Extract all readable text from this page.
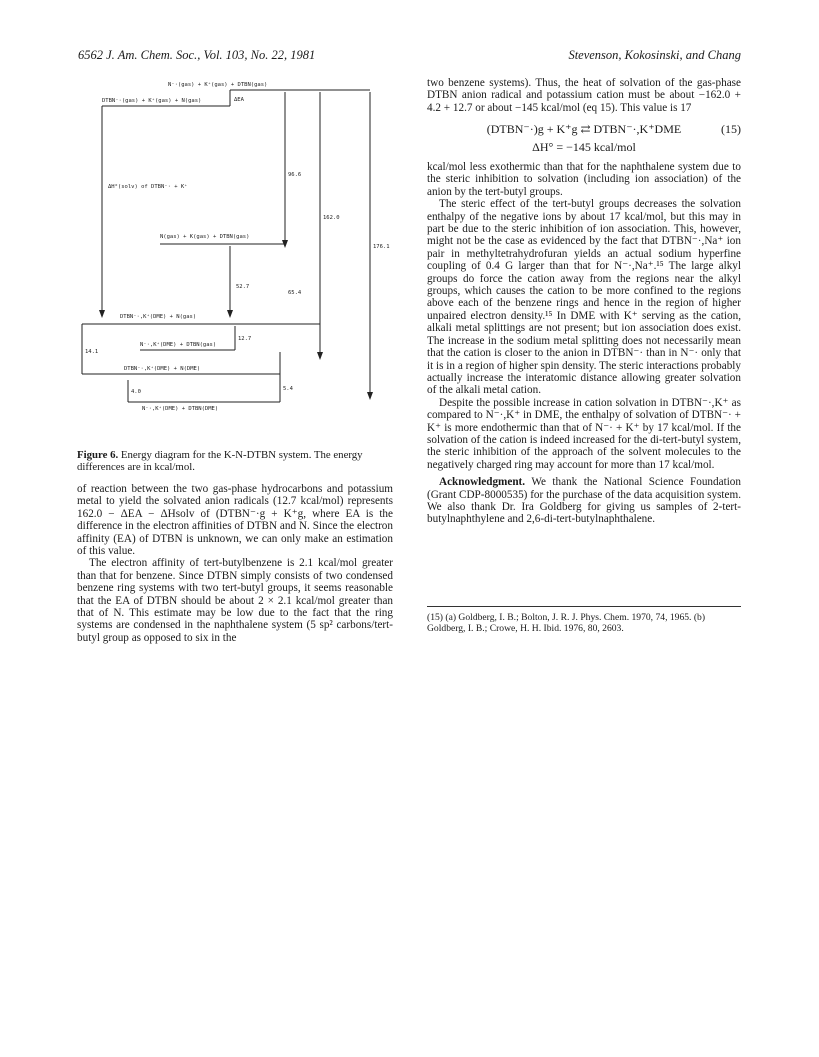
6562 J. Am. Chem. Soc., Vol. 103, No. 22, 1981	Stevenson, Kokosinski, and Chang
N⁻·(gas) + K⁺(gas) + DTBN(gas)
DTBN⁻·(gas) + K⁺(gas) + N(gas)	ΔEA
ΔH°(solv) of DTBN⁻· + K⁺
96.6
162.0
176.1
N(gas) + K(gas) + DTBN(gas)
52.7
65.4
DTBN⁻·,K⁺(DME) + N(gas)
12.7
N⁻·,K⁺(DME) + DTBN(gas)
14.1
DTBN⁻·,K⁺(DME) + N(DME)
5.4
4.0
N⁻·,K⁺(DME) + DTBN(DME)
Figure 6. Energy diagram for the K-N-DTBN system. The energy differences are in kcal/mol.

of reaction between the two gas-phase hydrocarbons and potassium metal to yield the solvated anion radicals (12.7 kcal/mol) represents 162.0 − ΔEA − ΔHsolv of (DTBN⁻·g + K⁺g, where EA is the difference in the electron affinities of DTBN and N. Since the electron affinity (EA) of DTBN is unknown, we can only make an estimation of this value.

The electron affinity of tert-butylbenzene is 2.1 kcal/mol greater than that for benzene. Since DTBN simply consists of two condensed benzene ring systems with two tert-butyl groups, it seems reasonable that the EA of DTBN should be about 2 × 2.1 kcal/mol greater than that of N. This estimate may be low due to the fact that the ring systems are condensed in the naphthalene system (5 sp² carbons/tert-butyl group as opposed to six in the

two benzene systems). Thus, the heat of solvation of the gas-phase DTBN anion radical and potassium cation must be about −162.0 + 4.2 + 12.7 or about −145 kcal/mol (eq 15). This value is 17

(DTBN⁻·)g + K⁺g ⇄ DTBN⁻·,K⁺DME	(15)
ΔH° = −145 kcal/mol

kcal/mol less exothermic than that for the naphthalene system due to the steric inhibition to solvation (including ion association) of the anion by the tert-butyl groups.

The steric effect of the tert-butyl groups decreases the solvation enthalpy of the negative ions by about 17 kcal/mol, but this may in part be due to the steric inhibition of ion association. This, however, might not be the case as evidenced by the fact that DTBN⁻·,Na⁺ ion pair in methyltetrahydrofuran yields an actual sodium hyperfine coupling of 0.4 G larger than that for N⁻·,Na⁺.¹⁵ The large alkyl groups do force the cation away from the regions near the alkyl groups, which causes the cation to be more confined to the regions above each of the benzene rings and hence in the region of higher unpaired electron density.¹⁵ In DME with K⁺ serving as the cation, alkali metal splittings are not present; but ion association does exist. The increase in the sodium metal splitting does not necessarily mean that the cation is closer to the anion in DTBN⁻· than in N⁻· only that it is in a region of higher spin density. The steric interactions probably actually increase the interatomic distance allowing greater solvation of the alkali metal cation.

Despite the possible increase in cation solvation in DTBN⁻·,K⁺ as compared to N⁻·,K⁺ in DME, the enthalpy of solvation of DTBN⁻· + K⁺ is more endothermic than that of N⁻· + K⁺ by 17 kcal/mol. If the solvation of the cation is indeed increased for the di-tert-butyl system, the steric inhibition of the approach of the solvent molecules to the negatively charged ring may account for more than 17 kcal/mol.

Acknowledgment. We thank the National Science Foundation (Grant CDP-8000535) for the purchase of the data acquisition system. We also thank Dr. Ira Goldberg for giving us samples of 2-tert-butylnaphthylene and 2,6-di-tert-butylnaphthalene.

(15) (a) Goldberg, I. B.; Bolton, J. R. J. Phys. Chem. 1970, 74, 1965. (b) Goldberg, I. B.; Crowe, H. H. Ibid. 1976, 80, 2603.
